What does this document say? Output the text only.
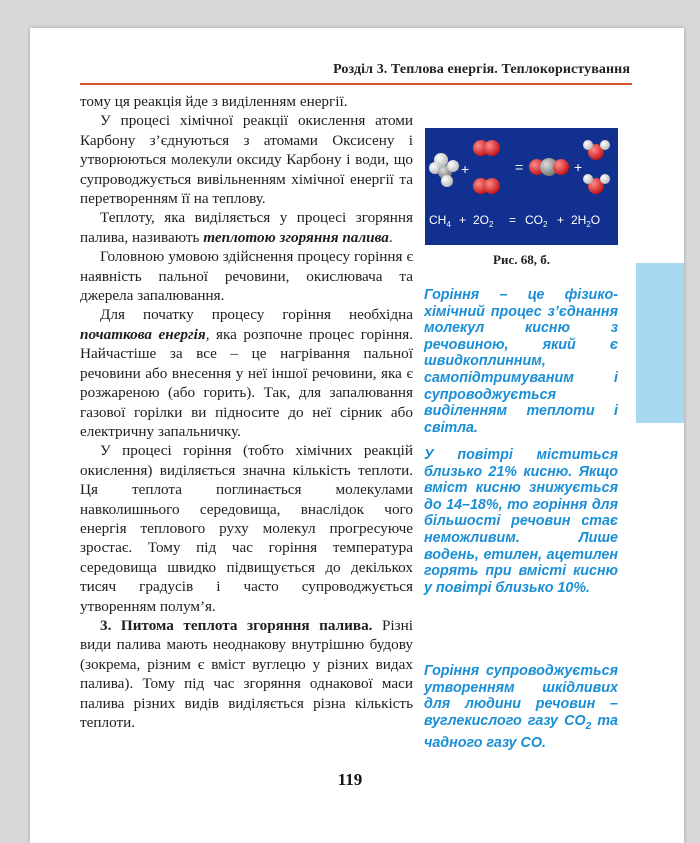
Розділ 3. Теплова енергія. Теплокористування

тому ця реакція йде з виділенням енергії.

У процесі хімічної реакції окислення атоми Карбону з’єднуються з атомами Оксисену і утворюються молекули оксиду Карбону і води, що супроводжується вивільненням хімічної енергії та перетворенням її на теплову.

Теплоту, яка виділяється у процесі згоряння палива, називають теплотою згоряння палива.

Головною умовою здійснення процесу горіння є наявність пальної речовини, окислювача та джерела запалювання.

Для початку процесу горіння необхідна початкова енергія, яка розпочне процес горіння. Найчастіше за все – це нагрівання пальної речовини або внесення у неї іншої речовини, яка є розжареною (або горить). Так, для запалювання газової горілки ви підносите до неї сірник або електричну запальничку.

У процесі горіння (тобто хімічних реакцій окислення) виділяється значна кількість теплоти. Ця теплота поглинається молекулами навколишнього середовища, внаслідок чого енергія теплового руху молекул прогресуюче зростає. Тому під час горіння температура середовища швидко підвищується до декількох тисяч градусів і часто супроводжується утворенням полум’я.

3. Питома теплота згоряння палива. Різні види палива мають неоднакову внутрішню будову (зокрема, різним є вміст вуглецю у різних видах палива). Тому під час згоряння однакової маси палива різних видів виділяється різна кількість теплоти.

+	=	+
$CH_4 + 2O_2 = CO_2 + 2H_2O$
Рис. 68, б.
Горіння – це фізико-хімічний процес з’єднання молекул кисню з речовиною, який є швидкоплинним, самопідтримуваним і супроводжується виділенням теплоти і світла.
У повітрі міститься близько 21% кисню. Якщо вміст кисню знижується до 14–18%, то горіння для більшості речовин стає неможливим. Лише водень, етилен, ацетилен горять при вмісті кисню у повітрі близько 10%.
Горіння супроводжується утворенням шкідливих для людини речовин – вуглекислого газу $CO_2$ та чадного газу CO.
119
